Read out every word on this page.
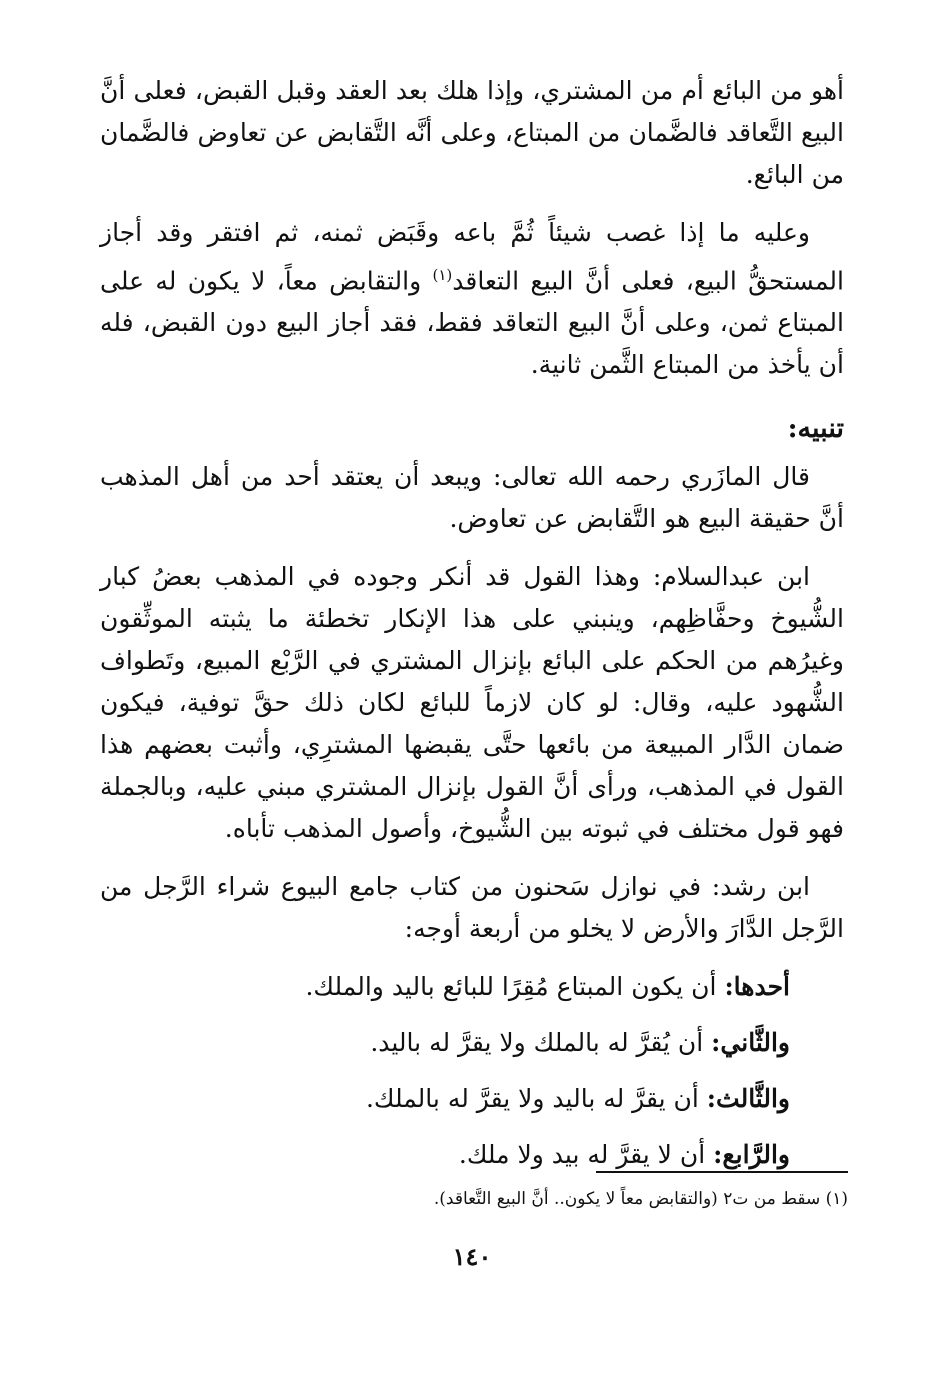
أهو من البائع أم من المشتري، وإذا هلك بعد العقد وقبل القبض، فعلى أنَّ البيع التَّعاقد فالضَّمان من المبتاع، وعلى أنَّه التَّقابض عن تعاوض فالضَّمان من البائع.

وعليه ما إذا غصب شيئاً ثُمَّ باعه وقَبَض ثمنه، ثم افتقر وقد أجاز المستحقُّ البيع، فعلى أنَّ البيع التعاقد$^{(١)}$ والتقابض معاً، لا يكون له على المبتاع ثمن، وعلى أنَّ البيع التعاقد فقط، فقد أجاز البيع دون القبض، فله أن يأخذ من المبتاع الثَّمن ثانية.

تنبيه:

قال المازَري رحمه الله تعالى: ويبعد أن يعتقد أحد من أهل المذهب أنَّ حقيقة البيع هو التَّقابض عن تعاوض.

ابن عبدالسلام: وهذا القول قد أنكر وجوده في المذهب بعضُ كبار الشُّيوخ وحفَّاظِهم، وينبني على هذا الإنكار تخطئة ما يثبته الموثِّقون وغيرُهم من الحكم على البائع بإنزال المشتري في الرَّبْع المبيع، وتَطواف الشُّهود عليه، وقال: لو كان لازماً للبائع لكان ذلك حقَّ توفية، فيكون ضمان الدَّار المبيعة من بائعها حتَّى يقبضها المشترِي، وأثبت بعضهم هذا القول في المذهب، ورأى أنَّ القول بإنزال المشتري مبني عليه، وبالجملة فهو قول مختلف في ثبوته بين الشُّيوخ، وأصول المذهب تأباه.

ابن رشد: في نوازل سَحنون من كتاب جامع البيوع شراء الرَّجل من الرَّجل الدَّارَ والأرض لا يخلو من أربعة أوجه:

أحدها: أن يكون المبتاع مُقِرًا للبائع باليد والملك.
والثَّاني: أن يُقرَّ له بالملك ولا يقرَّ له باليد.
والثَّالث: أن يقرَّ له باليد ولا يقرَّ له بالملك.
والرَّابع: أن لا يقرَّ له بيد ولا ملك.
(١) سقط من ت٢ (والتقابض معاً لا يكون.. أنَّ البيع التَّعاقد).
١٤٠
